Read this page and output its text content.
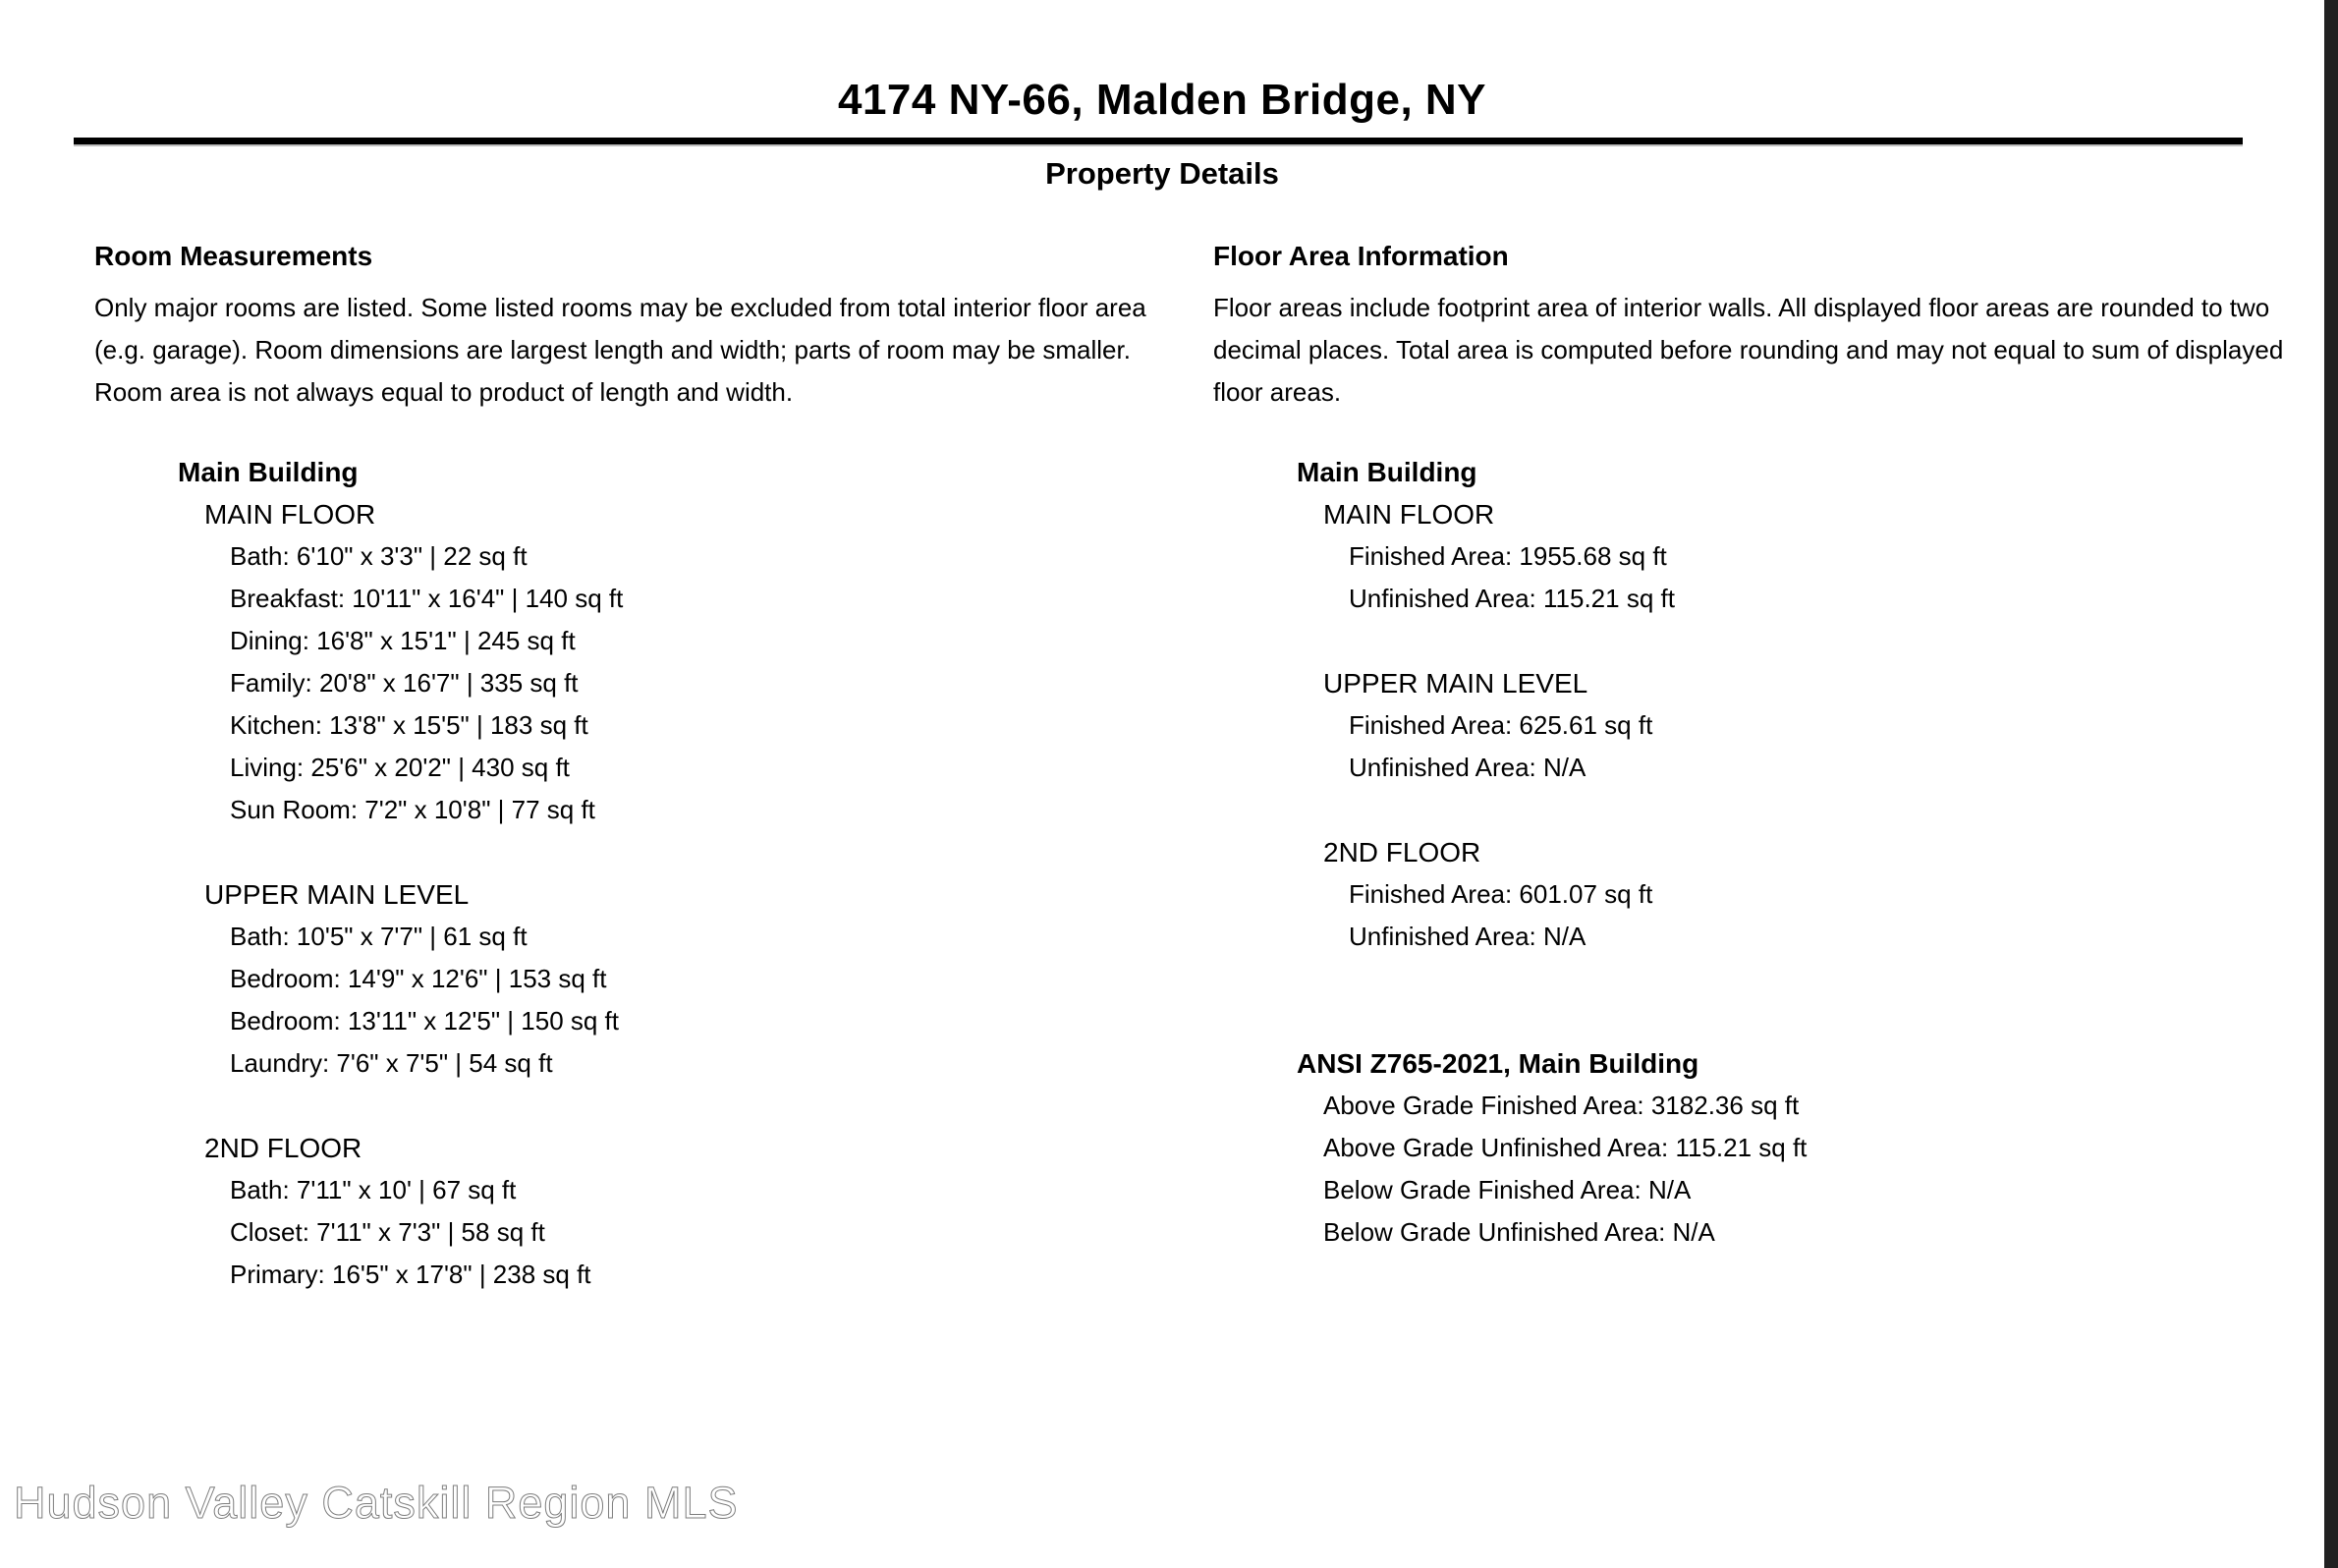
4174 NY-66, Malden Bridge, NY
Property Details
Room Measurements
Only major rooms are listed. Some listed rooms may be excluded from total interior floor area
(e.g. garage). Room dimensions are largest length and width; parts of room may be smaller.
Room area is not always equal to product of length and width.
Main Building
MAIN FLOOR
Bath: 6'10" x 3'3" | 22 sq ft
Breakfast: 10'11" x 16'4" | 140 sq ft
Dining: 16'8" x 15'1" | 245 sq ft
Family: 20'8" x 16'7" | 335 sq ft
Kitchen: 13'8" x 15'5" | 183 sq ft
Living: 25'6" x 20'2" | 430 sq ft
Sun Room: 7'2" x 10'8" | 77 sq ft
UPPER MAIN LEVEL
Bath: 10'5" x 7'7" | 61 sq ft
Bedroom: 14'9" x 12'6" | 153 sq ft
Bedroom: 13'11" x 12'5" | 150 sq ft
Laundry: 7'6" x 7'5" | 54 sq ft
2ND FLOOR
Bath: 7'11" x 10' | 67 sq ft
Closet: 7'11" x 7'3" | 58 sq ft
Primary: 16'5" x 17'8" | 238 sq ft
Floor Area Information
Floor areas include footprint area of interior walls. All displayed floor areas are rounded to two
decimal places. Total area is computed before rounding and may not equal to sum of displayed
floor areas.
Main Building
MAIN FLOOR
Finished Area: 1955.68 sq ft
Unfinished Area: 115.21 sq ft
UPPER MAIN LEVEL
Finished Area: 625.61 sq ft
Unfinished Area: N/A
2ND FLOOR
Finished Area: 601.07 sq ft
Unfinished Area: N/A
ANSI Z765-2021, Main Building
Above Grade Finished Area: 3182.36 sq ft
Above Grade Unfinished Area: 115.21 sq ft
Below Grade Finished Area: N/A
Below Grade Unfinished Area: N/A
Hudson Valley Catskill Region MLS
